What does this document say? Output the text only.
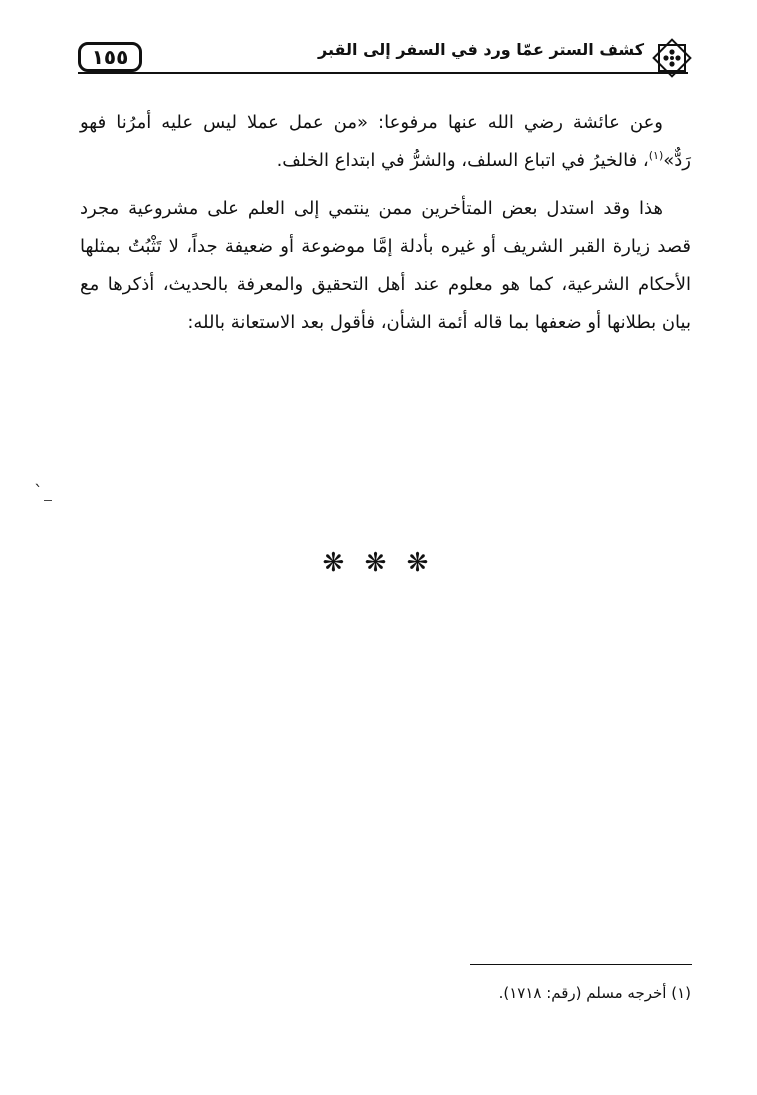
١٥٥	كشف الستر عمّا ورد في السفر إلى القبر
وعن عائشة رضي الله عنها مرفوعا: «من عمل عملا ليس عليه أمرُنا فهو رَدٌّ»$^{(١)}$، فالخيرُ في اتباع السلف، والشرُّ في ابتداع الخلف.
هذا وقد استدل بعض المتأخرين ممن ينتمي إلى العلم على مشروعية مجرد قصد زيارة القبر الشريف أو غيره بأدلة إمَّا موضوعة أو ضعيفة جداً، لا تَثْبُتُ بمثلها الأحكام الشرعية، كما هو معلوم عند أهل التحقيق والمعرفة بالحديث، أذكرها مع بيان بطلانها أو ضعفها بما قاله أئمة الشأن، فأقول بعد الاستعانة بالله:
ˋ
❋ ❋ ❋
(١) أخرجه مسلم (رقم: ١٧١٨).
